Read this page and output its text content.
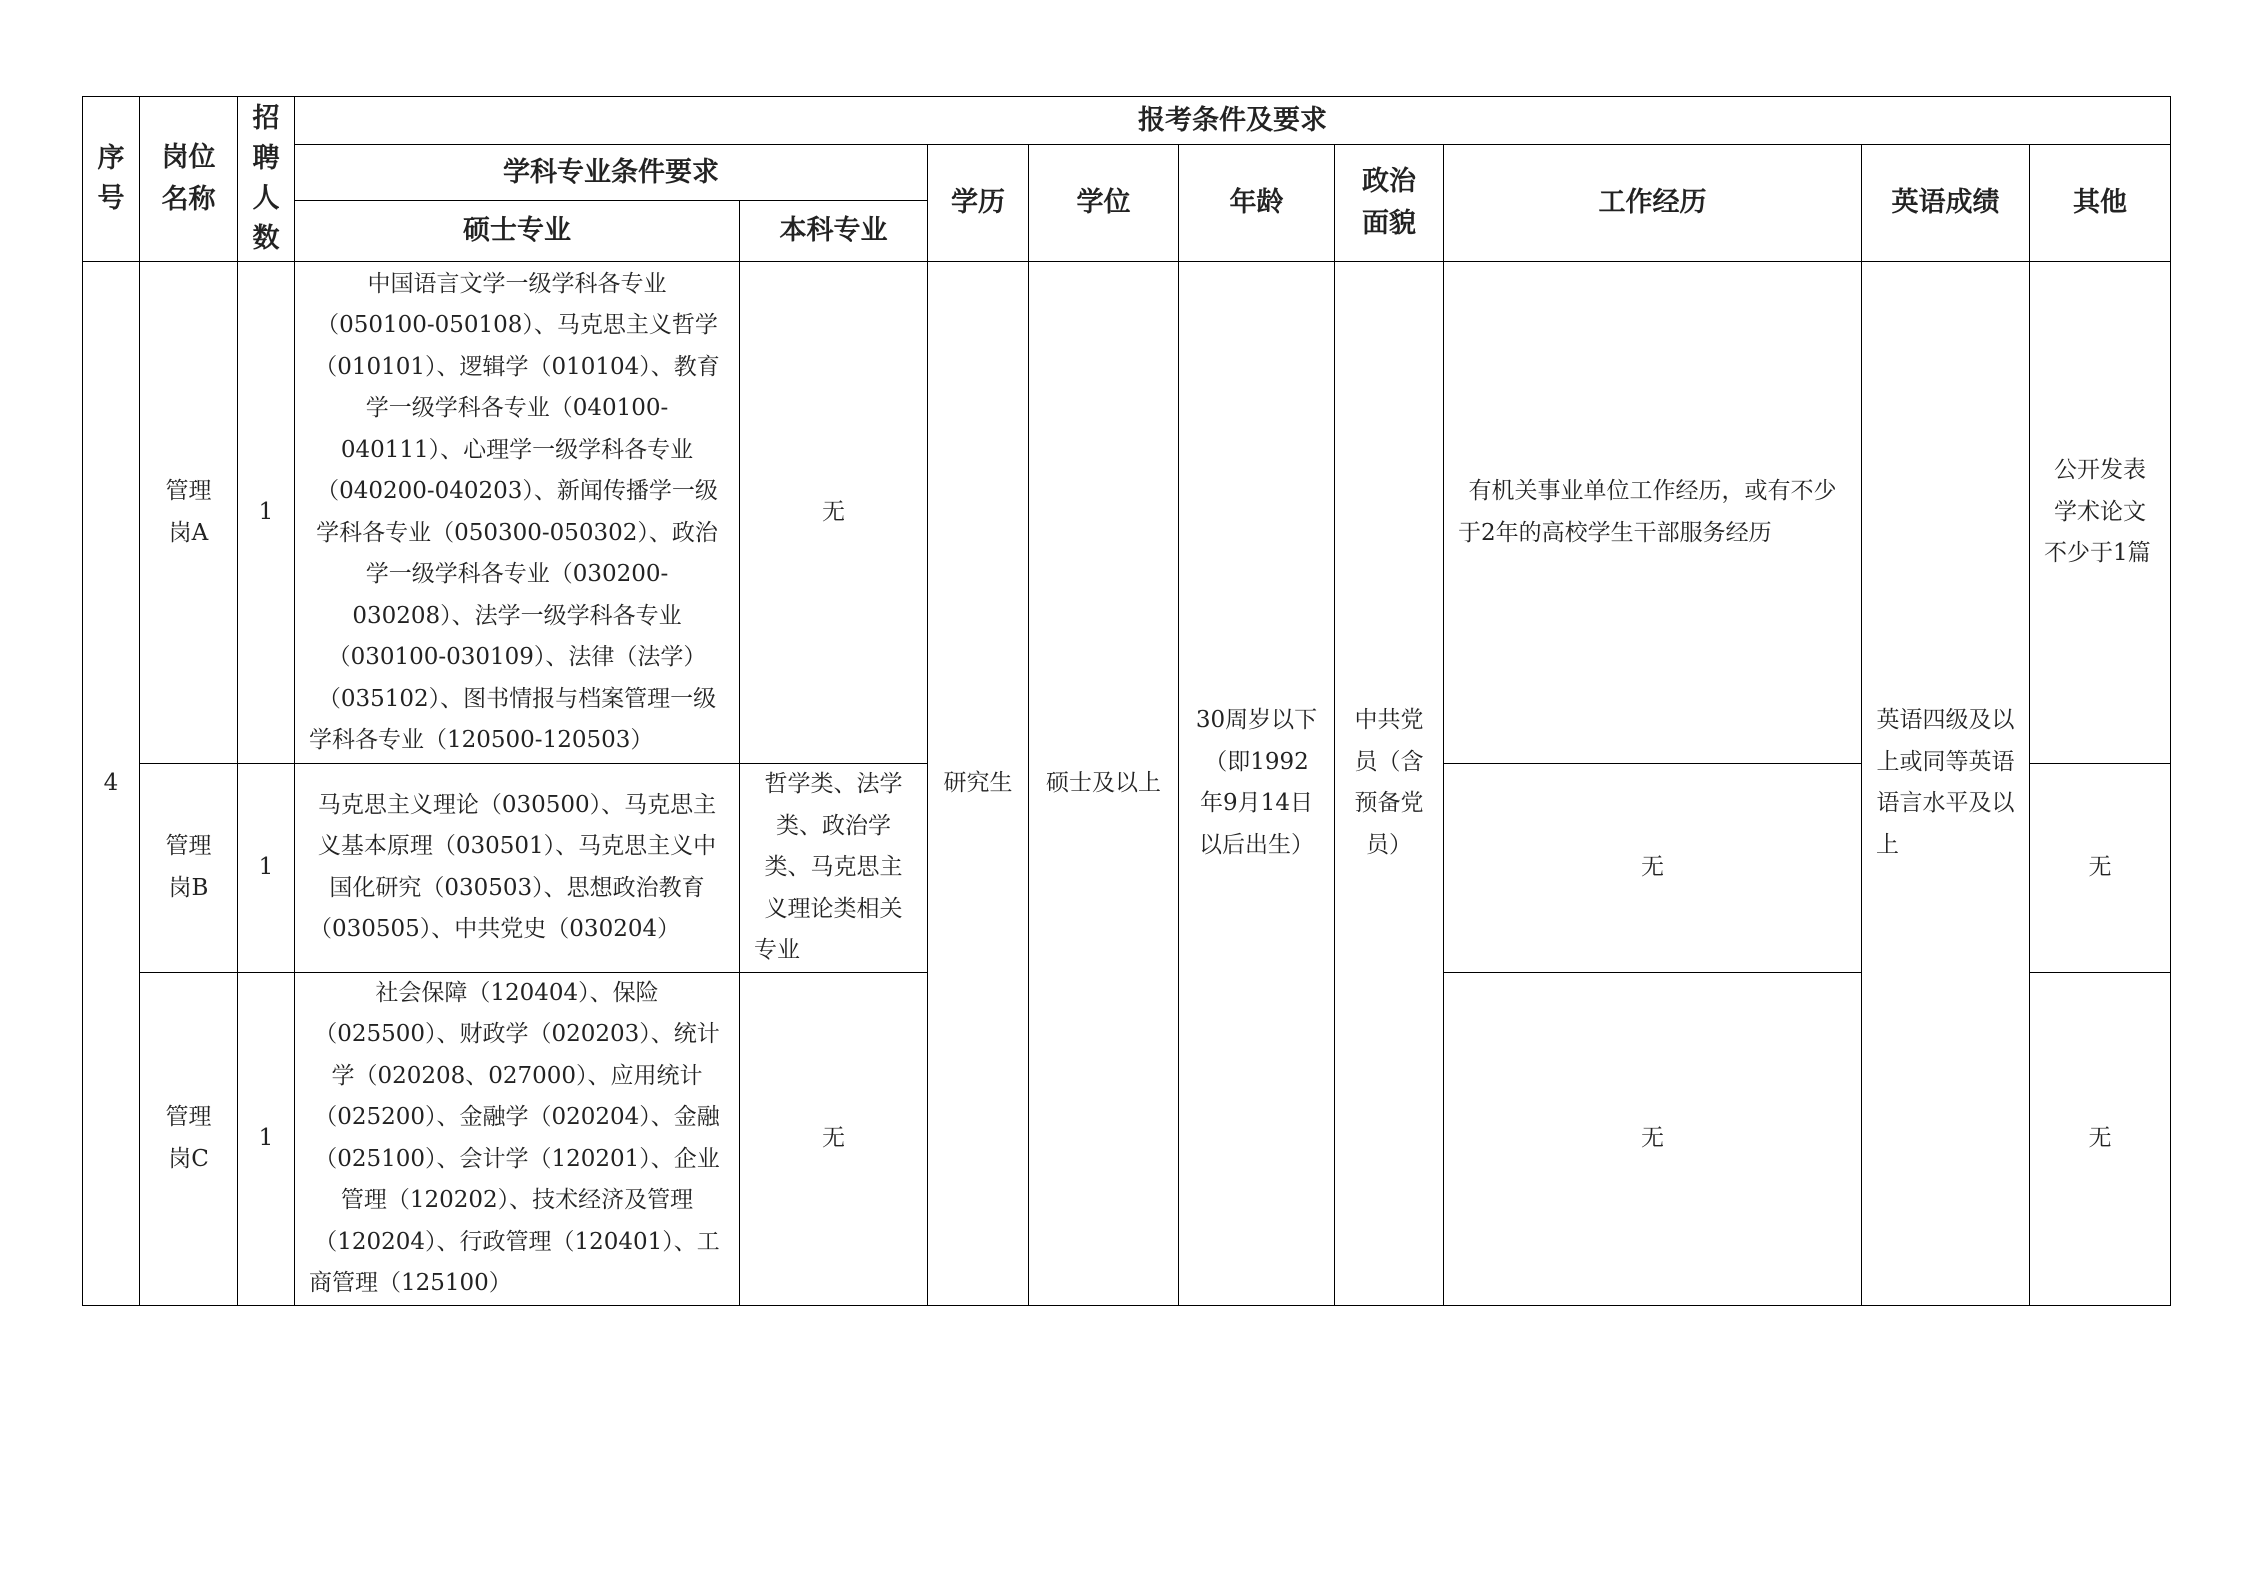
序号	岗位名称	招聘人数	报考条件及要求								
			学科专业条件要求		学历	学位	年龄	政治面貌	工作经历	英语成绩	其他
			硕士专业	本科专业							
4	管理岗A	1	中国语言文学一级学科各专业（050100-050108）、马克思主义哲学（010101）、逻辑学（010104）、教育学一级学科各专业（040100-040111）、心理学一级学科各专业（040200-040203）、新闻传播学一级学科各专业（050300-050302）、政治学一级学科各专业（030200-030208）、法学一级学科各专业（030100-030109）、法律（法学）（035102）、图书情报与档案管理一级学科各专业（120500-120503）	无	研究生	硕士及以上	30周岁以下（即1992年9月14日以后出生）	中共党员（含预备党员）	有机关事业单位工作经历，或有不少于2年的高校学生干部服务经历	英语四级及以上或同等英语语言水平及以上	公开发表学术论文不少于1篇
	管理岗B	1	马克思主义理论（030500）、马克思主义基本原理（030501）、马克思主义中国化研究（030503）、思想政治教育（030505）、中共党史（030204）	哲学类、法学类、政治学类、马克思主义理论类相关专业					无		无
	管理岗C	1	社会保障（120404）、保险（025500）、财政学（020203）、统计学（020208、027000）、应用统计（025200）、金融学（020204）、金融（025100）、会计学（120201）、企业管理（120202）、技术经济及管理（120204）、行政管理（120401）、工商管理（125100）	无					无		无
